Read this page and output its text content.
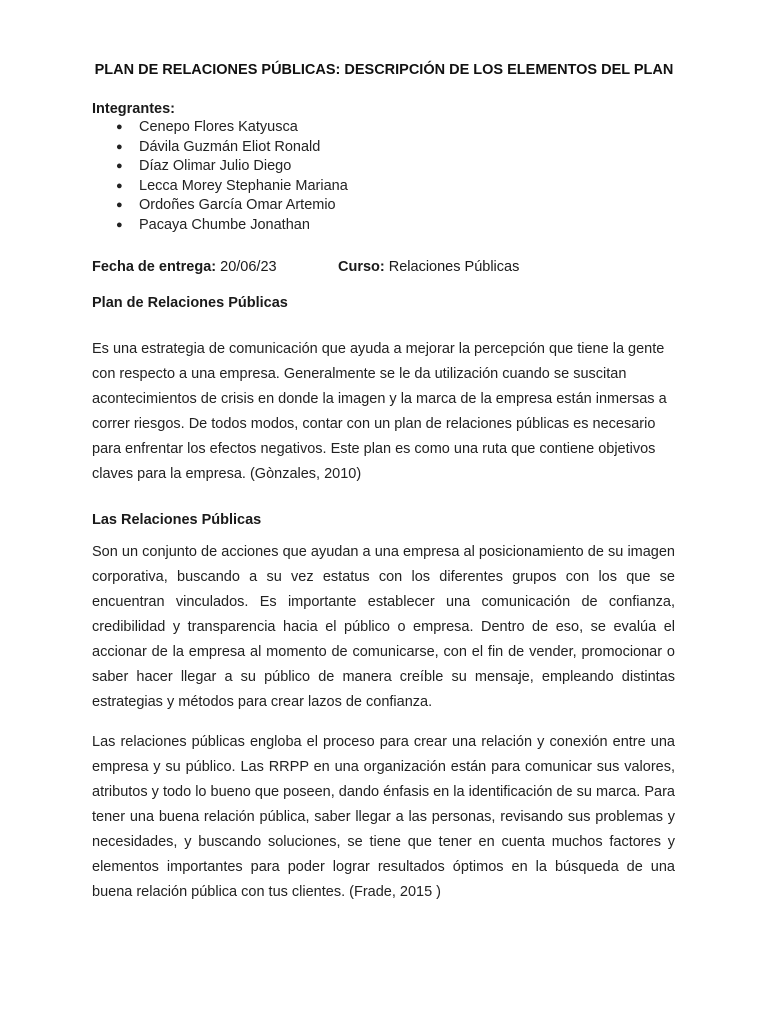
PLAN DE RELACIONES PÚBLICAS: DESCRIPCIÓN DE LOS ELEMENTOS DEL PLAN
Integrantes:
● Cenepo Flores Katyusca
● Dávila Guzmán Eliot Ronald
● Díaz Olimar Julio Diego
● Lecca Morey Stephanie Mariana
● Ordoñes García Omar Artemio
● Pacaya Chumbe Jonathan
Fecha de entrega: 20/06/23	Curso: Relaciones Públicas
Plan de Relaciones Públicas
Es una estrategia de comunicación que ayuda a mejorar la percepción que tiene la gente con respecto a una empresa. Generalmente se le da utilización cuando se suscitan acontecimientos de crisis en donde la imagen y la marca de la empresa están inmersas a correr riesgos. De todos modos, contar con un plan de relaciones públicas es necesario para enfrentar los efectos negativos. Este plan es como una ruta que contiene objetivos claves para la empresa. (Gònzales, 2010)
Las Relaciones Públicas
Son un conjunto de acciones que ayudan a una empresa al posicionamiento de su imagen corporativa, buscando a su vez estatus con los diferentes grupos con los que se encuentran vinculados. Es importante establecer una comunicación de confianza, credibilidad y transparencia hacia el público o empresa. Dentro de eso, se evalúa el accionar de la empresa al momento de comunicarse, con el fin de vender, promocionar o saber hacer llegar a su público de manera creíble su mensaje, empleando distintas estrategias y métodos para crear lazos de confianza.
Las relaciones públicas engloba el proceso para crear una relación y conexión entre una empresa y su público. Las RRPP en una organización están para comunicar sus valores, atributos y todo lo bueno que poseen, dando énfasis en la identificación de su marca. Para tener una buena relación pública, saber llegar a las personas, revisando sus problemas y necesidades, y buscando soluciones, se tiene que tener en cuenta muchos factores y elementos importantes para poder lograr resultados óptimos en la búsqueda de una buena relación pública con tus clientes. (Frade, 2015 )
